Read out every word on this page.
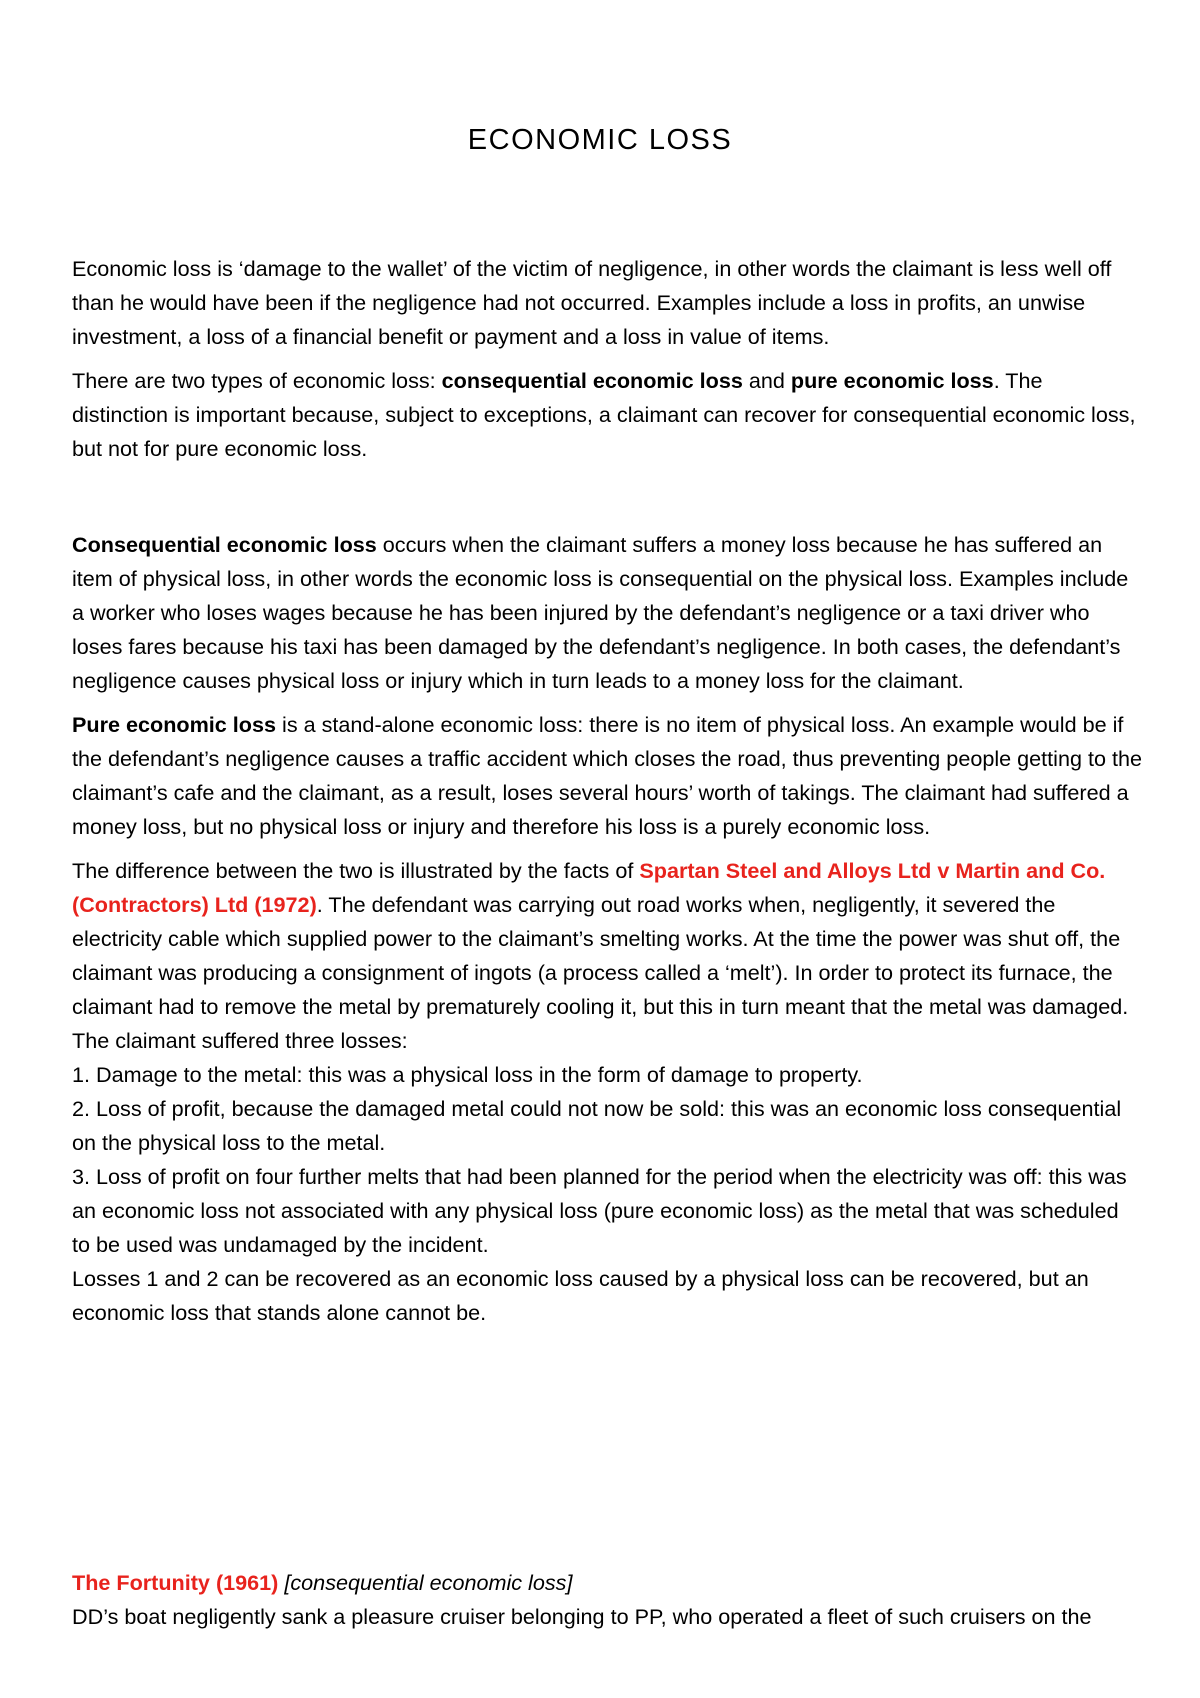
ECONOMIC LOSS

Economic loss is ‘damage to the wallet’ of the victim of negligence, in other words the claimant is less well off than he would have been if the negligence had not occurred. Examples include a loss in profits, an unwise investment, a loss of a financial benefit or payment and a loss in value of items.

There are two types of economic loss: consequential economic loss and pure economic loss. The distinction is important because, subject to exceptions, a claimant can recover for consequential economic loss, but not for pure economic loss.

Consequential economic loss occurs when the claimant suffers a money loss because he has suffered an item of physical loss, in other words the economic loss is consequential on the physical loss. Examples include a worker who loses wages because he has been injured by the defendant’s negligence or a taxi driver who loses fares because his taxi has been damaged by the defendant’s negligence. In both cases, the defendant’s negligence causes physical loss or injury which in turn leads to a money loss for the claimant.

Pure economic loss is a stand-alone economic loss: there is no item of physical loss. An example would be if the defendant’s negligence causes a traffic accident which closes the road, thus preventing people getting to the claimant’s cafe and the claimant, as a result, loses several hours’ worth of takings. The claimant had suffered a money loss, but no physical loss or injury and therefore his loss is a purely economic loss.

The difference between the two is illustrated by the facts of Spartan Steel and Alloys Ltd v Martin and Co. (Contractors) Ltd (1972). The defendant was carrying out road works when, negligently, it severed the electricity cable which supplied power to the claimant’s smelting works. At the time the power was shut off, the claimant was producing a consignment of ingots (a process called a ‘melt’). In order to protect its furnace, the claimant had to remove the metal by prematurely cooling it, but this in turn meant that the metal was damaged. The claimant suffered three losses:

1. Damage to the metal: this was a physical loss in the form of damage to property.

2. Loss of profit, because the damaged metal could not now be sold: this was an economic loss consequential on the physical loss to the metal.

3. Loss of profit on four further melts that had been planned for the period when the electricity was off: this was an economic loss not associated with any physical loss (pure economic loss) as the metal that was scheduled to be used was undamaged by the incident.

Losses 1 and 2 can be recovered as an economic loss caused by a physical loss can be recovered, but an economic loss that stands alone cannot be.

The Fortunity (1961) [consequential economic loss]

DD’s boat negligently sank a pleasure cruiser belonging to PP, who operated a fleet of such cruisers on the
